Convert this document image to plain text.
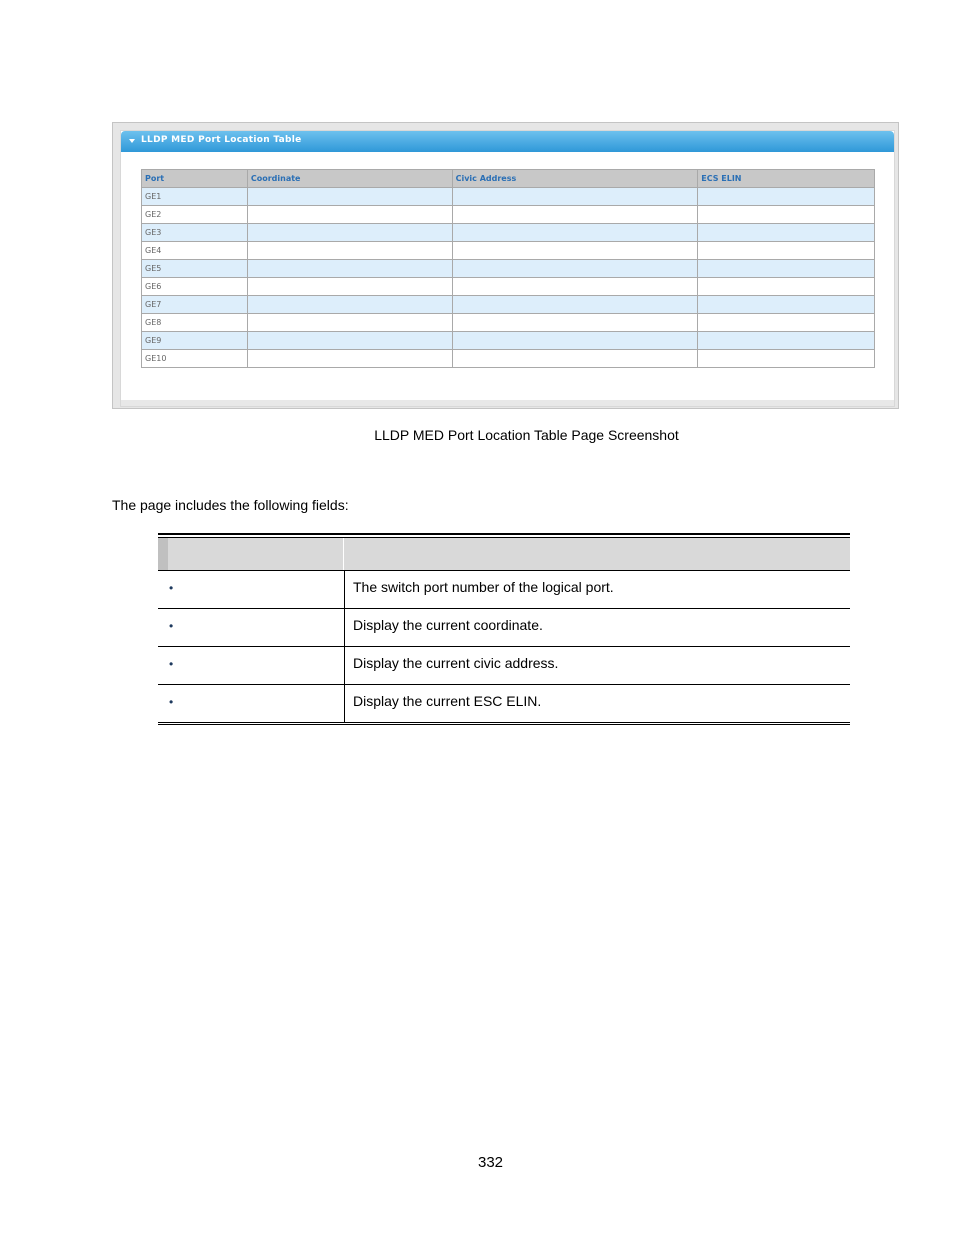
LLDP MED Port Location Table
Port	Coordinate	Civic Address	ECS ELIN
GE1			
GE2			
GE3			
GE4			
GE5			
GE6			
GE7			
GE8			
GE9			
GE10			
LLDP MED Port Location Table Page Screenshot
The page includes the following fields:
•	The switch port number of the logical port.
•	Display the current coordinate.
•	Display the current civic address.
•	Display the current ESC ELIN.
332
